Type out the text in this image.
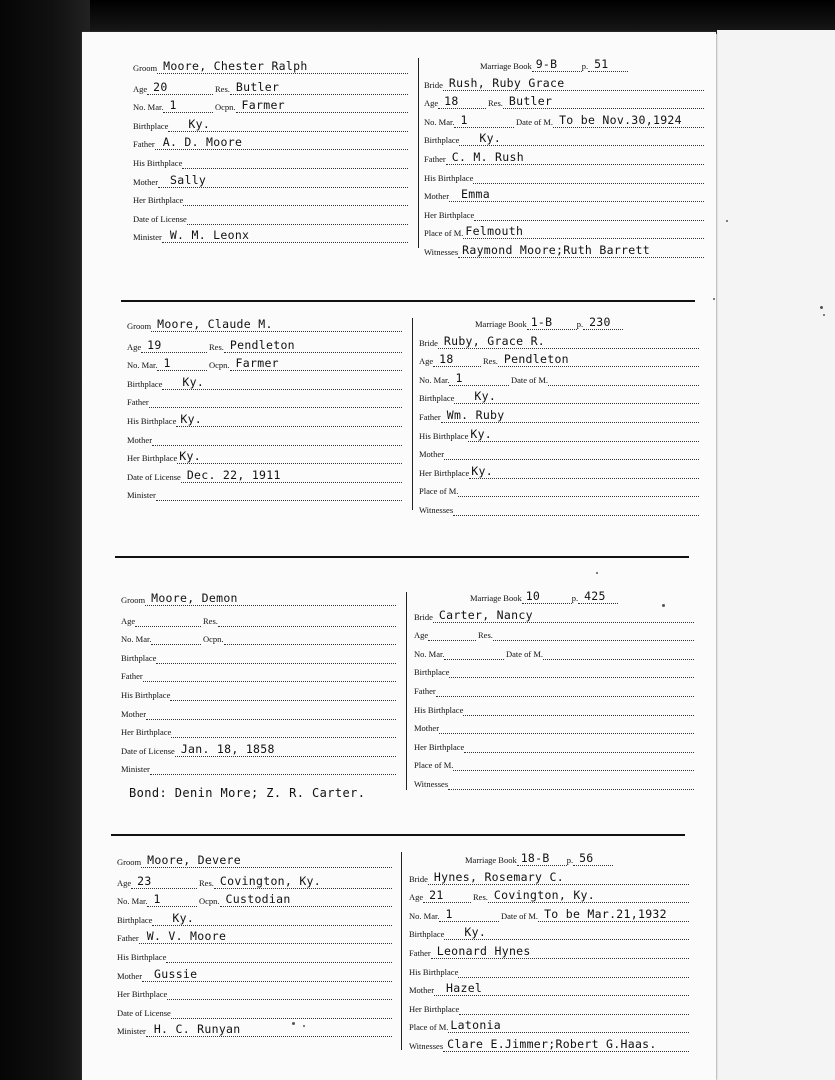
Groom Moore, Chester Ralph
Age 20	Res. Butler
No. Mar. 1	Ocpn. Farmer
Birthplace Ky.
Father A. D. Moore
His Birthplace
Mother Sally
Her Birthplace
Date of License
Minister W. M. Leonx
Marriage Book 9-B	p. 51
Bride Rush, Ruby Grace
Age 18	Res. Butler
No. Mar. 1	Date of M. To be Nov.30,1924
Birthplace Ky.
Father C. M. Rush
His Birthplace
Mother Emma
Her Birthplace
Place of M. Felmouth
Witnesses Raymond Moore;Ruth Barrett
Groom Moore, Claude M.
Age 19	Res. Pendleton
No. Mar. 1	Ocpn. Farmer
Birthplace Ky.
Father
His Birthplace Ky.
Mother
Her Birthplace Ky.
Date of License Dec. 22, 1911
Minister
Marriage Book 1-B	p. 230
Bride Ruby, Grace R.
Age 18	Res. Pendleton
No. Mar. 1	Date of M.
Birthplace Ky.
Father Wm. Ruby
His Birthplace Ky.
Mother
Her Birthplace Ky.
Place of M.
Witnesses
Groom Moore, Demon
Age	Res.
No. Mar.	Ocpn.
Birthplace
Father
His Birthplace
Mother
Her Birthplace
Date of License Jan. 18, 1858
Minister
Marriage Book 10	p. 425
Bride Carter, Nancy
Age	Res.
No. Mar.	Date of M.
Birthplace
Father
His Birthplace
Mother
Her Birthplace
Place of M.
Witnesses
Bond: Denin More; Z. R. Carter.
Groom Moore, Devere
Age 23	Res. Covington, Ky.
No. Mar. 1	Ocpn. Custodian
Birthplace Ky.
Father W. V. Moore
His Birthplace
Mother Gussie
Her Birthplace
Date of License
Minister H. C. Runyan
Marriage Book 18-B p. 56
Bride Hynes, Rosemary C.
Age 21	Res. Covington, Ky.
No. Mar. 1	Date of M. To be Mar.21,1932
Birthplace Ky.
Father Leonard Hynes
His Birthplace
Mother Hazel
Her Birthplace
Place of M. Latonia
Witnesses Clare E.Jimmer;Robert G.Haas.
